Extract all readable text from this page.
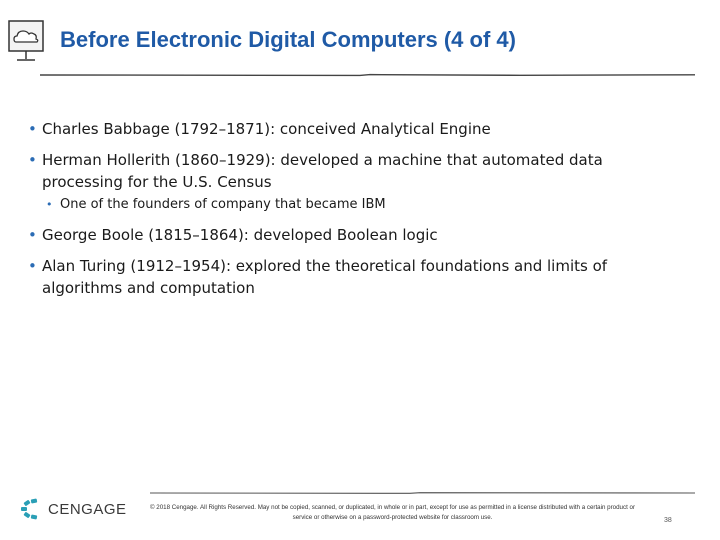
Before Electronic Digital Computers (4 of 4)
• Charles Babbage (1792–1871): conceived Analytical Engine
• Herman Hollerith (1860–1929): developed a machine that automated data processing for the U.S. Census
• One of the founders of company that became IBM
• George Boole (1815–1864): developed Boolean logic
• Alan Turing (1912–1954): explored the theoretical foundations and limits of algorithms and computation
CENGAGE	© 2018 Cengage. All Rights Reserved. May not be copied, scanned, or duplicated, in whole or in part, except for use as permitted in a license distributed with a certain product or service or otherwise on a password-protected website for classroom use.	38
